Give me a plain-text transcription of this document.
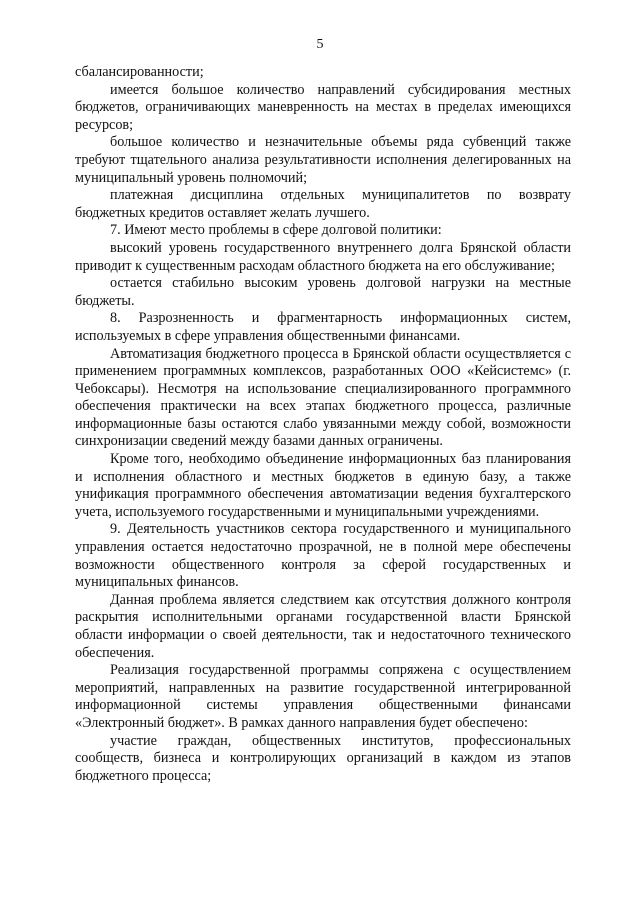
5

сбалансированности;

имеется большое количество направлений субсидирования местных бюджетов, ограничивающих маневренность на местах в пределах имеющихся ресурсов;

большое количество и незначительные объемы ряда субвенций также требуют тщательного анализа результативности исполнения делегированных на муниципальный уровень полномочий;

платежная дисциплина отдельных муниципалитетов по возврату бюджетных кредитов оставляет желать лучшего.

7. Имеют место проблемы в сфере долговой политики:

высокий уровень государственного внутреннего долга Брянской области приводит к существенным расходам областного бюджета на его обслуживание;

остается стабильно высоким уровень долговой нагрузки на местные бюджеты.

8. Разрозненность и фрагментарность информационных систем, используемых в сфере управления общественными финансами.

Автоматизация бюджетного процесса в Брянской области осуществляется с применением программных комплексов, разработанных ООО «Кейсистемс» (г. Чебоксары). Несмотря на использование специализированного программного обеспечения практически на всех этапах бюджетного процесса, различные информационные базы остаются слабо увязанными между собой, возможности синхронизации сведений между базами данных ограничены.

Кроме того, необходимо объединение информационных баз планирования и исполнения областного и местных бюджетов в единую базу, а также унификация программного обеспечения автоматизации ведения бухгалтерского учета, используемого государственными и муниципальными учреждениями.

9. Деятельность участников сектора государственного и муниципального управления остается недостаточно прозрачной, не в полной мере обеспечены возможности общественного контроля за сферой государственных и муниципальных финансов.

Данная проблема является следствием как отсутствия должного контроля раскрытия исполнительными органами государственной власти Брянской области информации о своей деятельности, так и недостаточного технического обеспечения.

Реализация государственной программы сопряжена с осуществлением мероприятий, направленных на развитие государственной интегрированной информационной системы управления общественными финансами «Электронный бюджет». В рамках данного направления будет обеспечено:

участие граждан, общественных институтов, профессиональных сообществ, бизнеса и контролирующих организаций в каждом из этапов бюджетного процесса;
